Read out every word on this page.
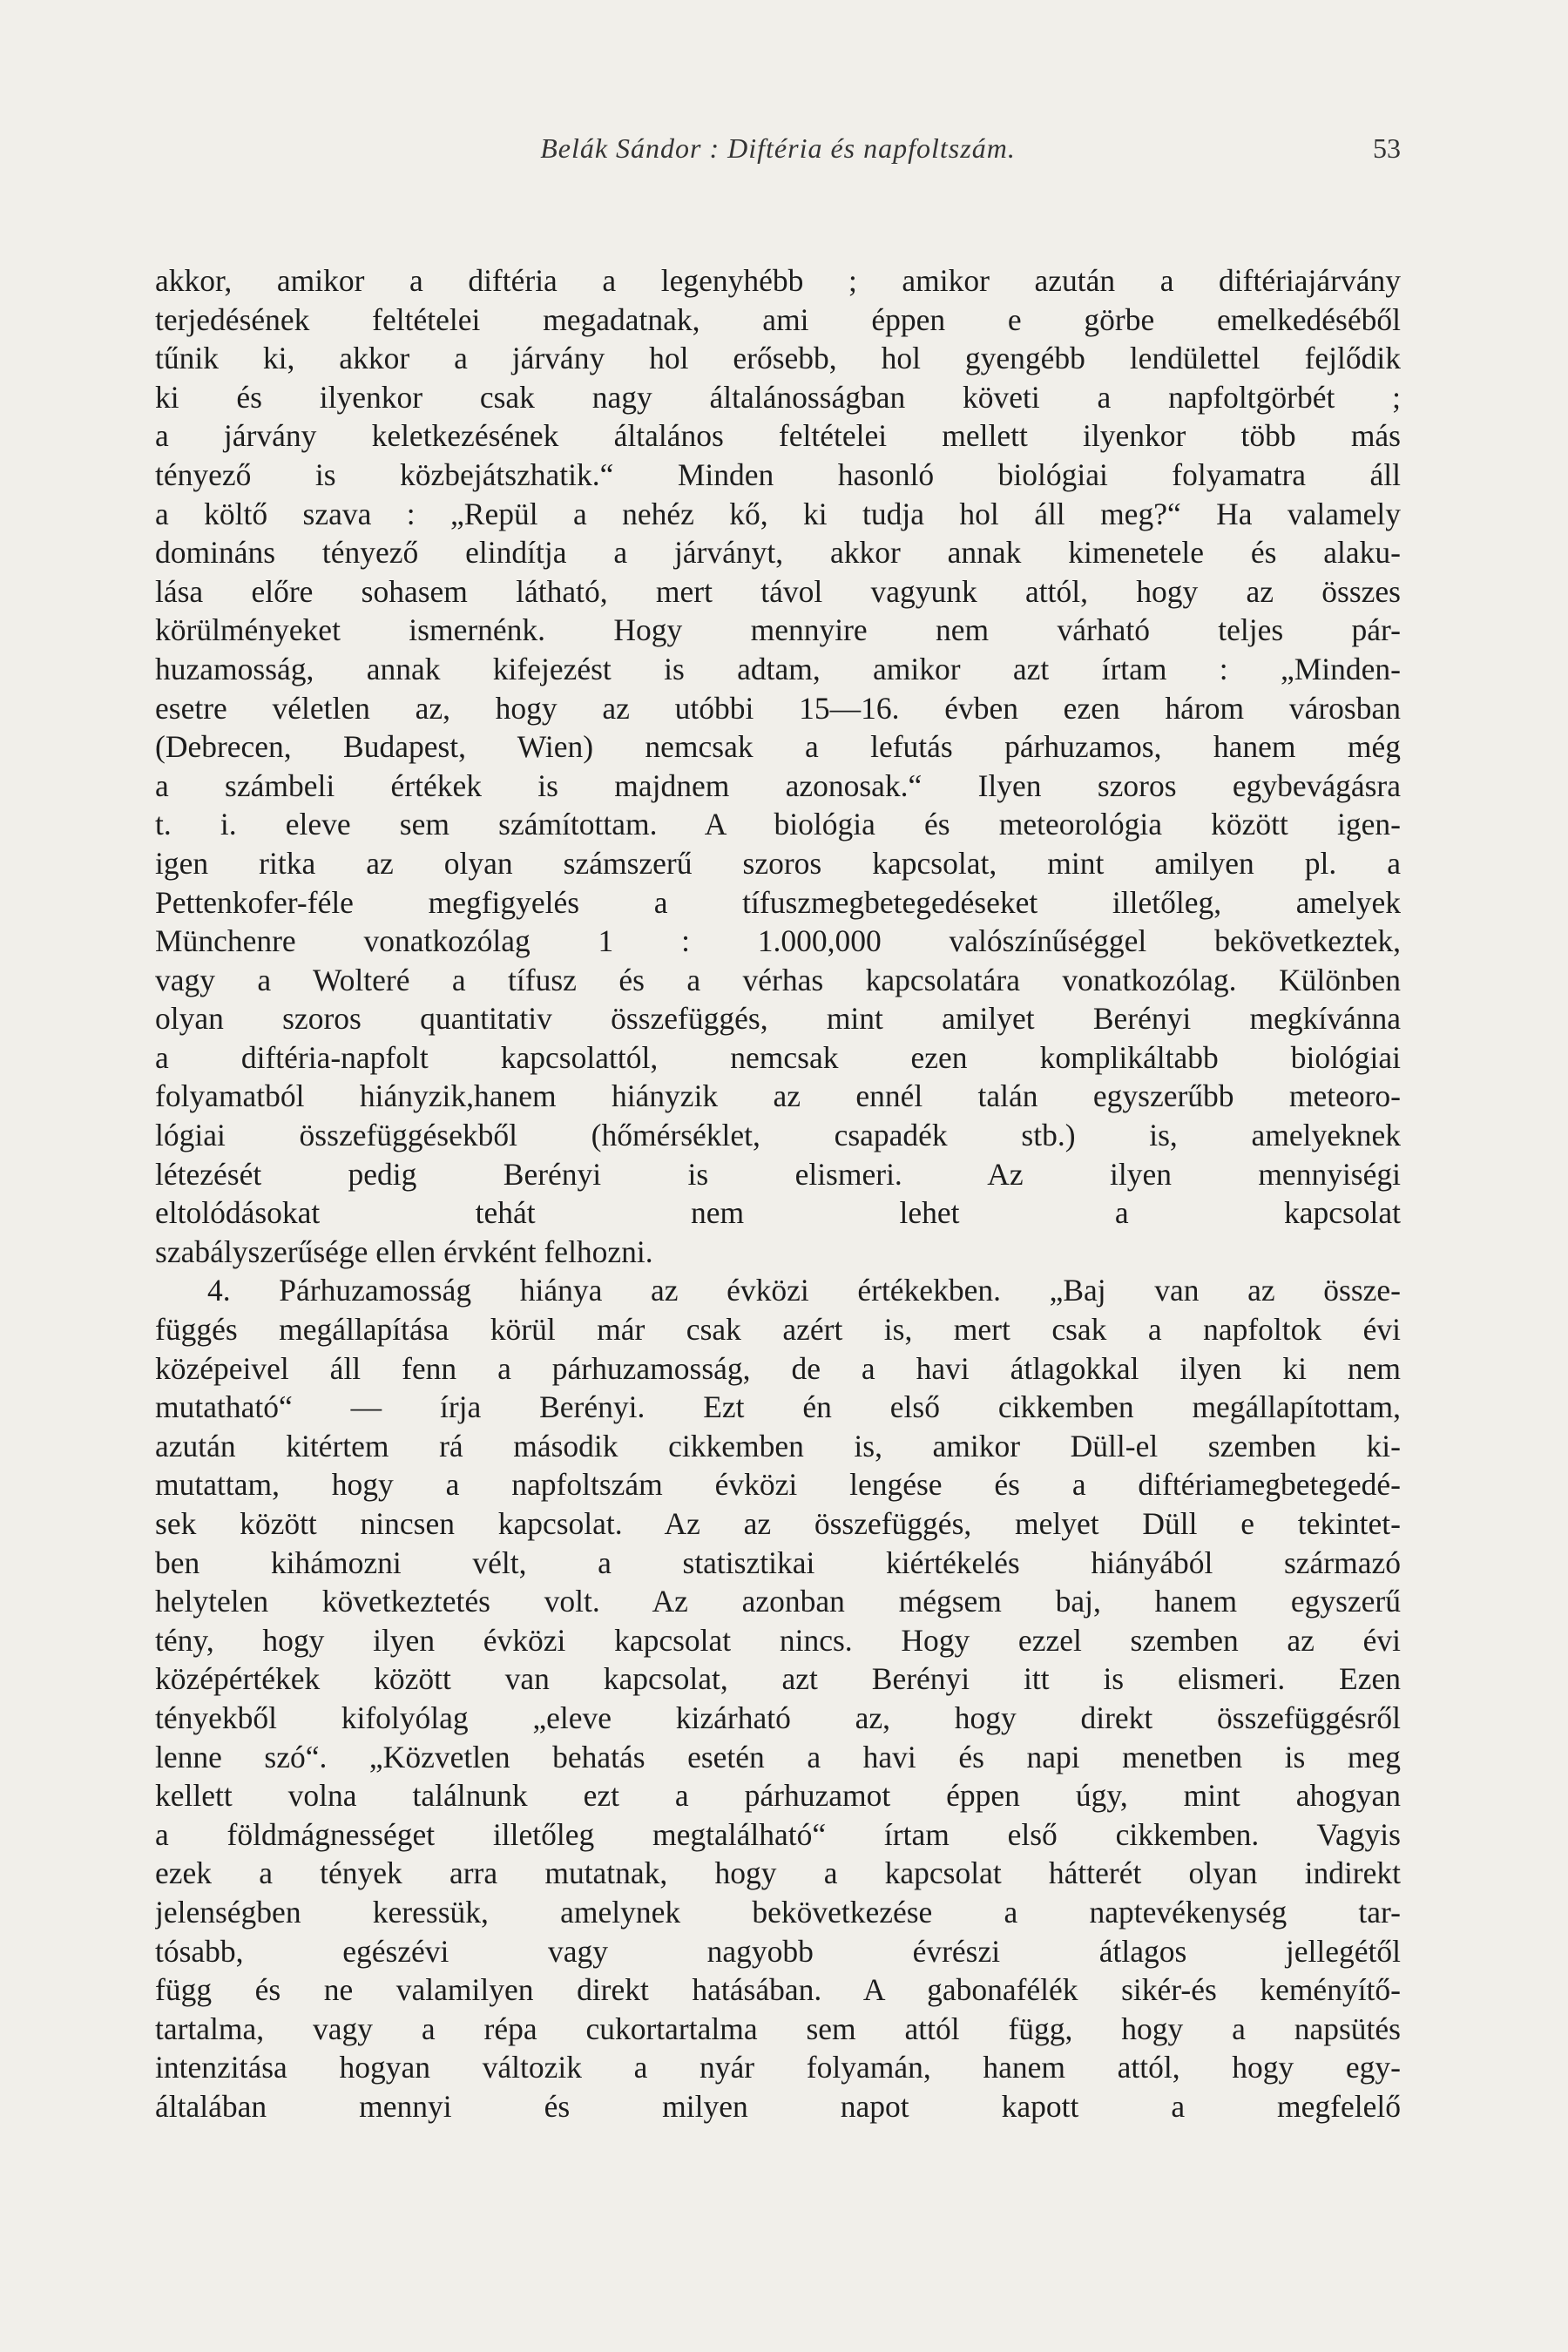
Belák Sándor : Diftéria és napfoltszám.	53
akkor, amikor a diftéria a legenyhébb ; amikor azután a diftériajárvány
terjedésének feltételei megadatnak, ami éppen e görbe emelkedéséből
tűnik ki, akkor a járvány hol erősebb, hol gyengébb lendülettel fejlődik
ki és ilyenkor csak nagy általánosságban követi a napfoltgörbét ;
a járvány keletkezésének általános feltételei mellett ilyenkor több más
tényező is közbejátszhatik.“ Minden hasonló biológiai folyamatra áll
a költő szava : „Repül a nehéz kő, ki tudja hol áll meg?“ Ha valamely
domináns tényező elindítja a járványt, akkor annak kimenetele és alaku-
lása előre sohasem látható, mert távol vagyunk attól, hogy az összes
körülményeket ismernénk. Hogy mennyire nem várható teljes pár-
huzamosság, annak kifejezést is adtam, amikor azt írtam : „Minden-
esetre véletlen az, hogy az utóbbi 15—16. évben ezen három városban
(Debrecen, Budapest, Wien) nemcsak a lefutás párhuzamos, hanem még
a számbeli értékek is majdnem azonosak.“ Ilyen szoros egybevágásra
t. i. eleve sem számítottam. A biológia és meteorológia között igen-
igen ritka az olyan számszerű szoros kapcsolat, mint amilyen pl. a
Pettenkofer-féle megfigyelés a tífuszmegbetegedéseket illetőleg, amelyek
Münchenre vonatkozólag 1 : 1.000,000 valószínűséggel bekövetkeztek,
vagy a Wolteré a tífusz és a vérhas kapcsolatára vonatkozólag. Különben
olyan szoros quantitativ összefüggés, mint amilyet Berényi megkívánna
a diftéria-napfolt kapcsolattól, nemcsak ezen komplikáltabb biológiai
folyamatból hiányzik,hanem hiányzik az ennél talán egyszerűbb meteoro-
lógiai összefüggésekből (hőmérséklet, csapadék stb.) is, amelyeknek
létezését pedig Berényi is elismeri. Az ilyen mennyiségi
eltolódásokat tehát nem lehet a kapcsolat
szabályszerűsége ellen érvként felhozni.
4. Párhuzamosság hiánya az évközi értékekben. „Baj van az össze-
függés megállapítása körül már csak azért is, mert csak a napfoltok évi
középeivel áll fenn a párhuzamosság, de a havi átlagokkal ilyen ki nem
mutatható“ — írja Berényi. Ezt én első cikkemben megállapítottam,
azután kitértem rá második cikkemben is, amikor Düll-el szemben ki-
mutattam, hogy a napfoltszám évközi lengése és a diftériamegbetegedé-
sek között nincsen kapcsolat. Az az összefüggés, melyet Düll e tekintet-
ben kihámozni vélt, a statisztikai kiértékelés hiányából származó
helytelen következtetés volt. Az azonban mégsem baj, hanem egyszerű
tény, hogy ilyen évközi kapcsolat nincs. Hogy ezzel szemben az évi
középértékek között van kapcsolat, azt Berényi itt is elismeri. Ezen
tényekből kifolyólag „eleve kizárható az, hogy direkt összefüggésről
lenne szó“. „Közvetlen behatás esetén a havi és napi menetben is meg
kellett volna találnunk ezt a párhuzamot éppen úgy, mint ahogyan
a földmágnességet illetőleg megtalálható“ írtam első cikkemben. Vagyis
ezek a tények arra mutatnak, hogy a kapcsolat hátterét olyan indirekt
jelenségben keressük, amelynek bekövetkezése a naptevékenység tar-
tósabb, egészévi vagy nagyobb évrészi átlagos jellegétől
függ és ne valamilyen direkt hatásában. A gabonafélék sikér-és keményítő-
tartalma, vagy a répa cukortartalma sem attól függ, hogy a napsütés
intenzitása hogyan változik a nyár folyamán, hanem attól, hogy egy-
általában mennyi és milyen napot kapott a megfelelő
